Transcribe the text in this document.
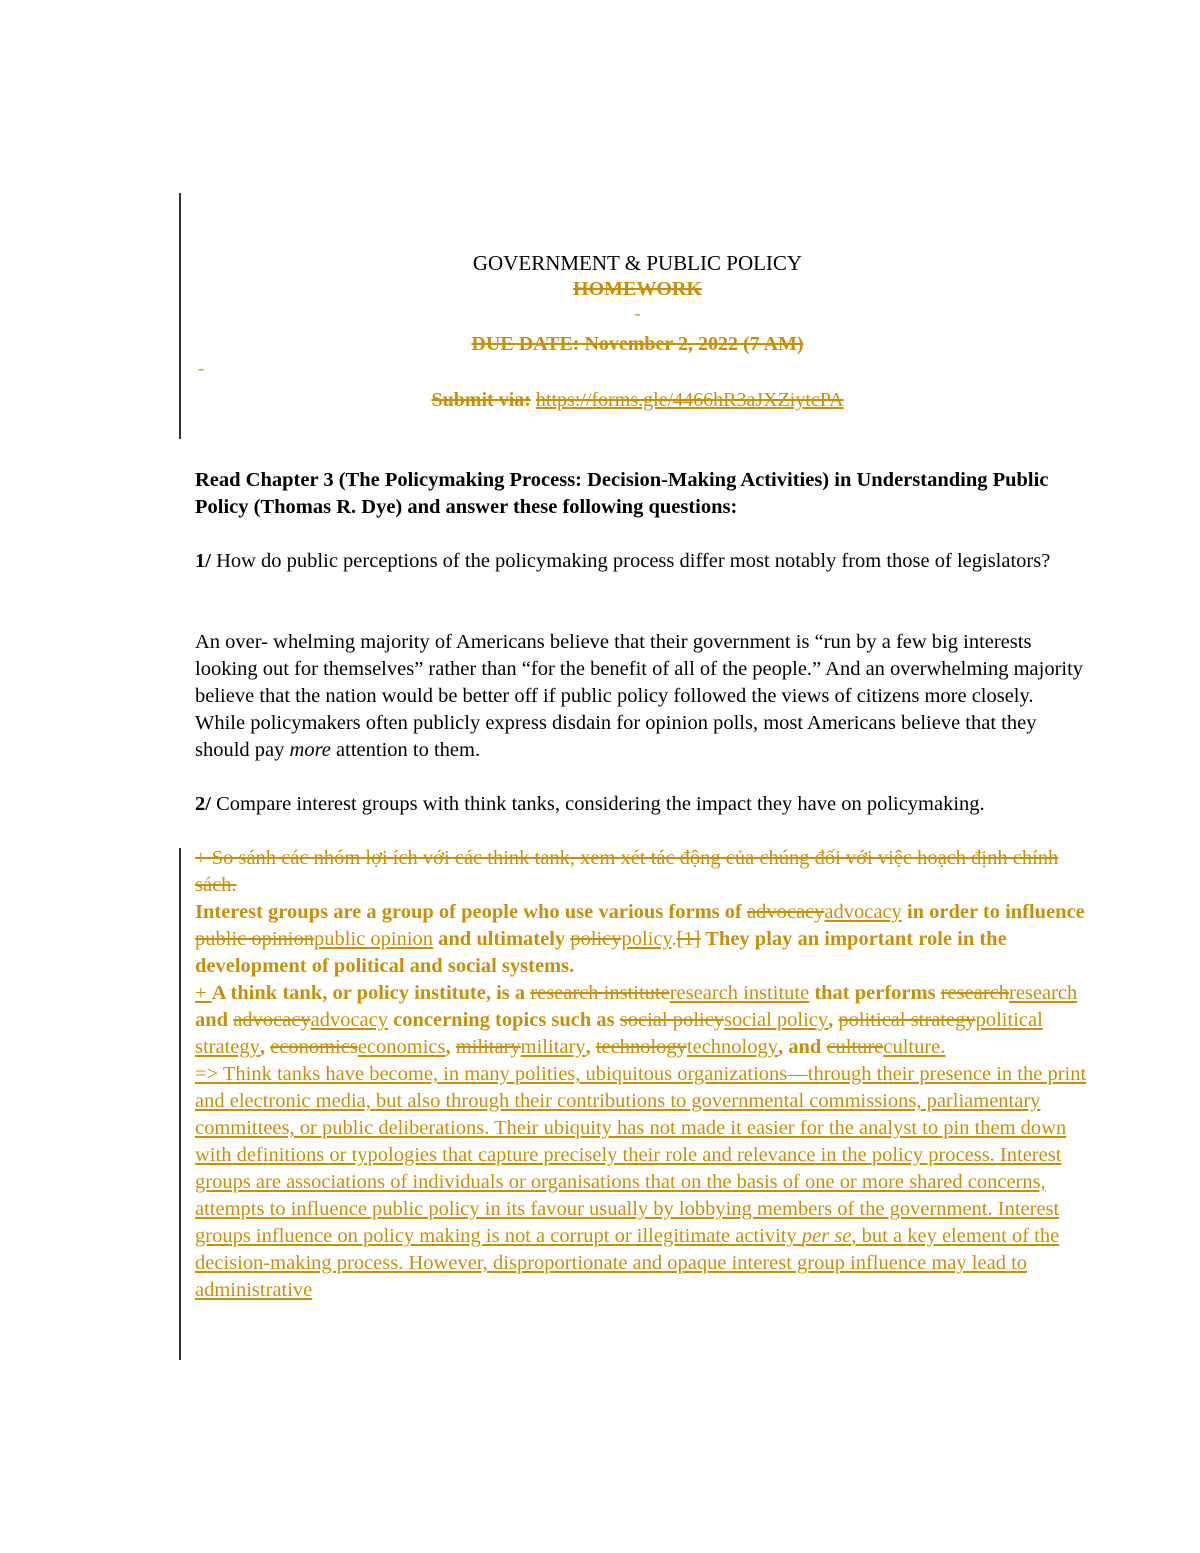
-
GOVERNMENT & PUBLIC POLICY
HOMEWORK
-
DUE DATE: November 2, 2022 (7 AM)
Submit via: https://forms.gle/4466hR3aJXZiytcPA

Read Chapter 3 (The Policymaking Process: Decision-Making Activities) in Understanding Public Policy (Thomas R. Dye) and answer these following questions:

1/ How do public perceptions of the policymaking process differ most notably from those of legislators?

An over- whelming majority of Americans believe that their government is “run by a few big interests looking out for themselves” rather than “for the benefit of all of the people.” And an overwhelming majority believe that the nation would be better off if public policy followed the views of citizens more closely. While policymakers often publicly express disdain for opinion polls, most Americans believe that they should pay more attention to them.

2/ Compare interest groups with think tanks, considering the impact they have on policymaking.

+ So sánh các nhóm lợi ích với các think tank, xem xét tác động của chúng đối với việc hoạch định chính sách.

Interest groups are a group of people who use various forms of advocacyadvocacy in order to influence public opinionpublic opinion and ultimately policypolicy.[1] They play an important role in the development of political and social systems.

+ A think tank, or policy institute, is a research instituteresearch institute that performs researchresearch and advocacyadvocacy concerning topics such as social policysocial policy, political strategypolitical strategy, economicseconomics, militarymilitary, technologytechnology, and cultureculture.

=> Think tanks have become, in many polities, ubiquitous organizations—through their presence in the print and electronic media, but also through their contributions to governmental commissions, parliamentary committees, or public deliberations. Their ubiquity has not made it easier for the analyst to pin them down with definitions or typologies that capture precisely their role and relevance in the policy process. Interest groups are associations of individuals or organisations that on the basis of one or more shared concerns, attempts to influence public policy in its favour usually by lobbying members of the government. Interest groups influence on policy making is not a corrupt or illegitimate activity per se, but a key element of the decision-making process. However, disproportionate and opaque interest group influence may lead to administrative
